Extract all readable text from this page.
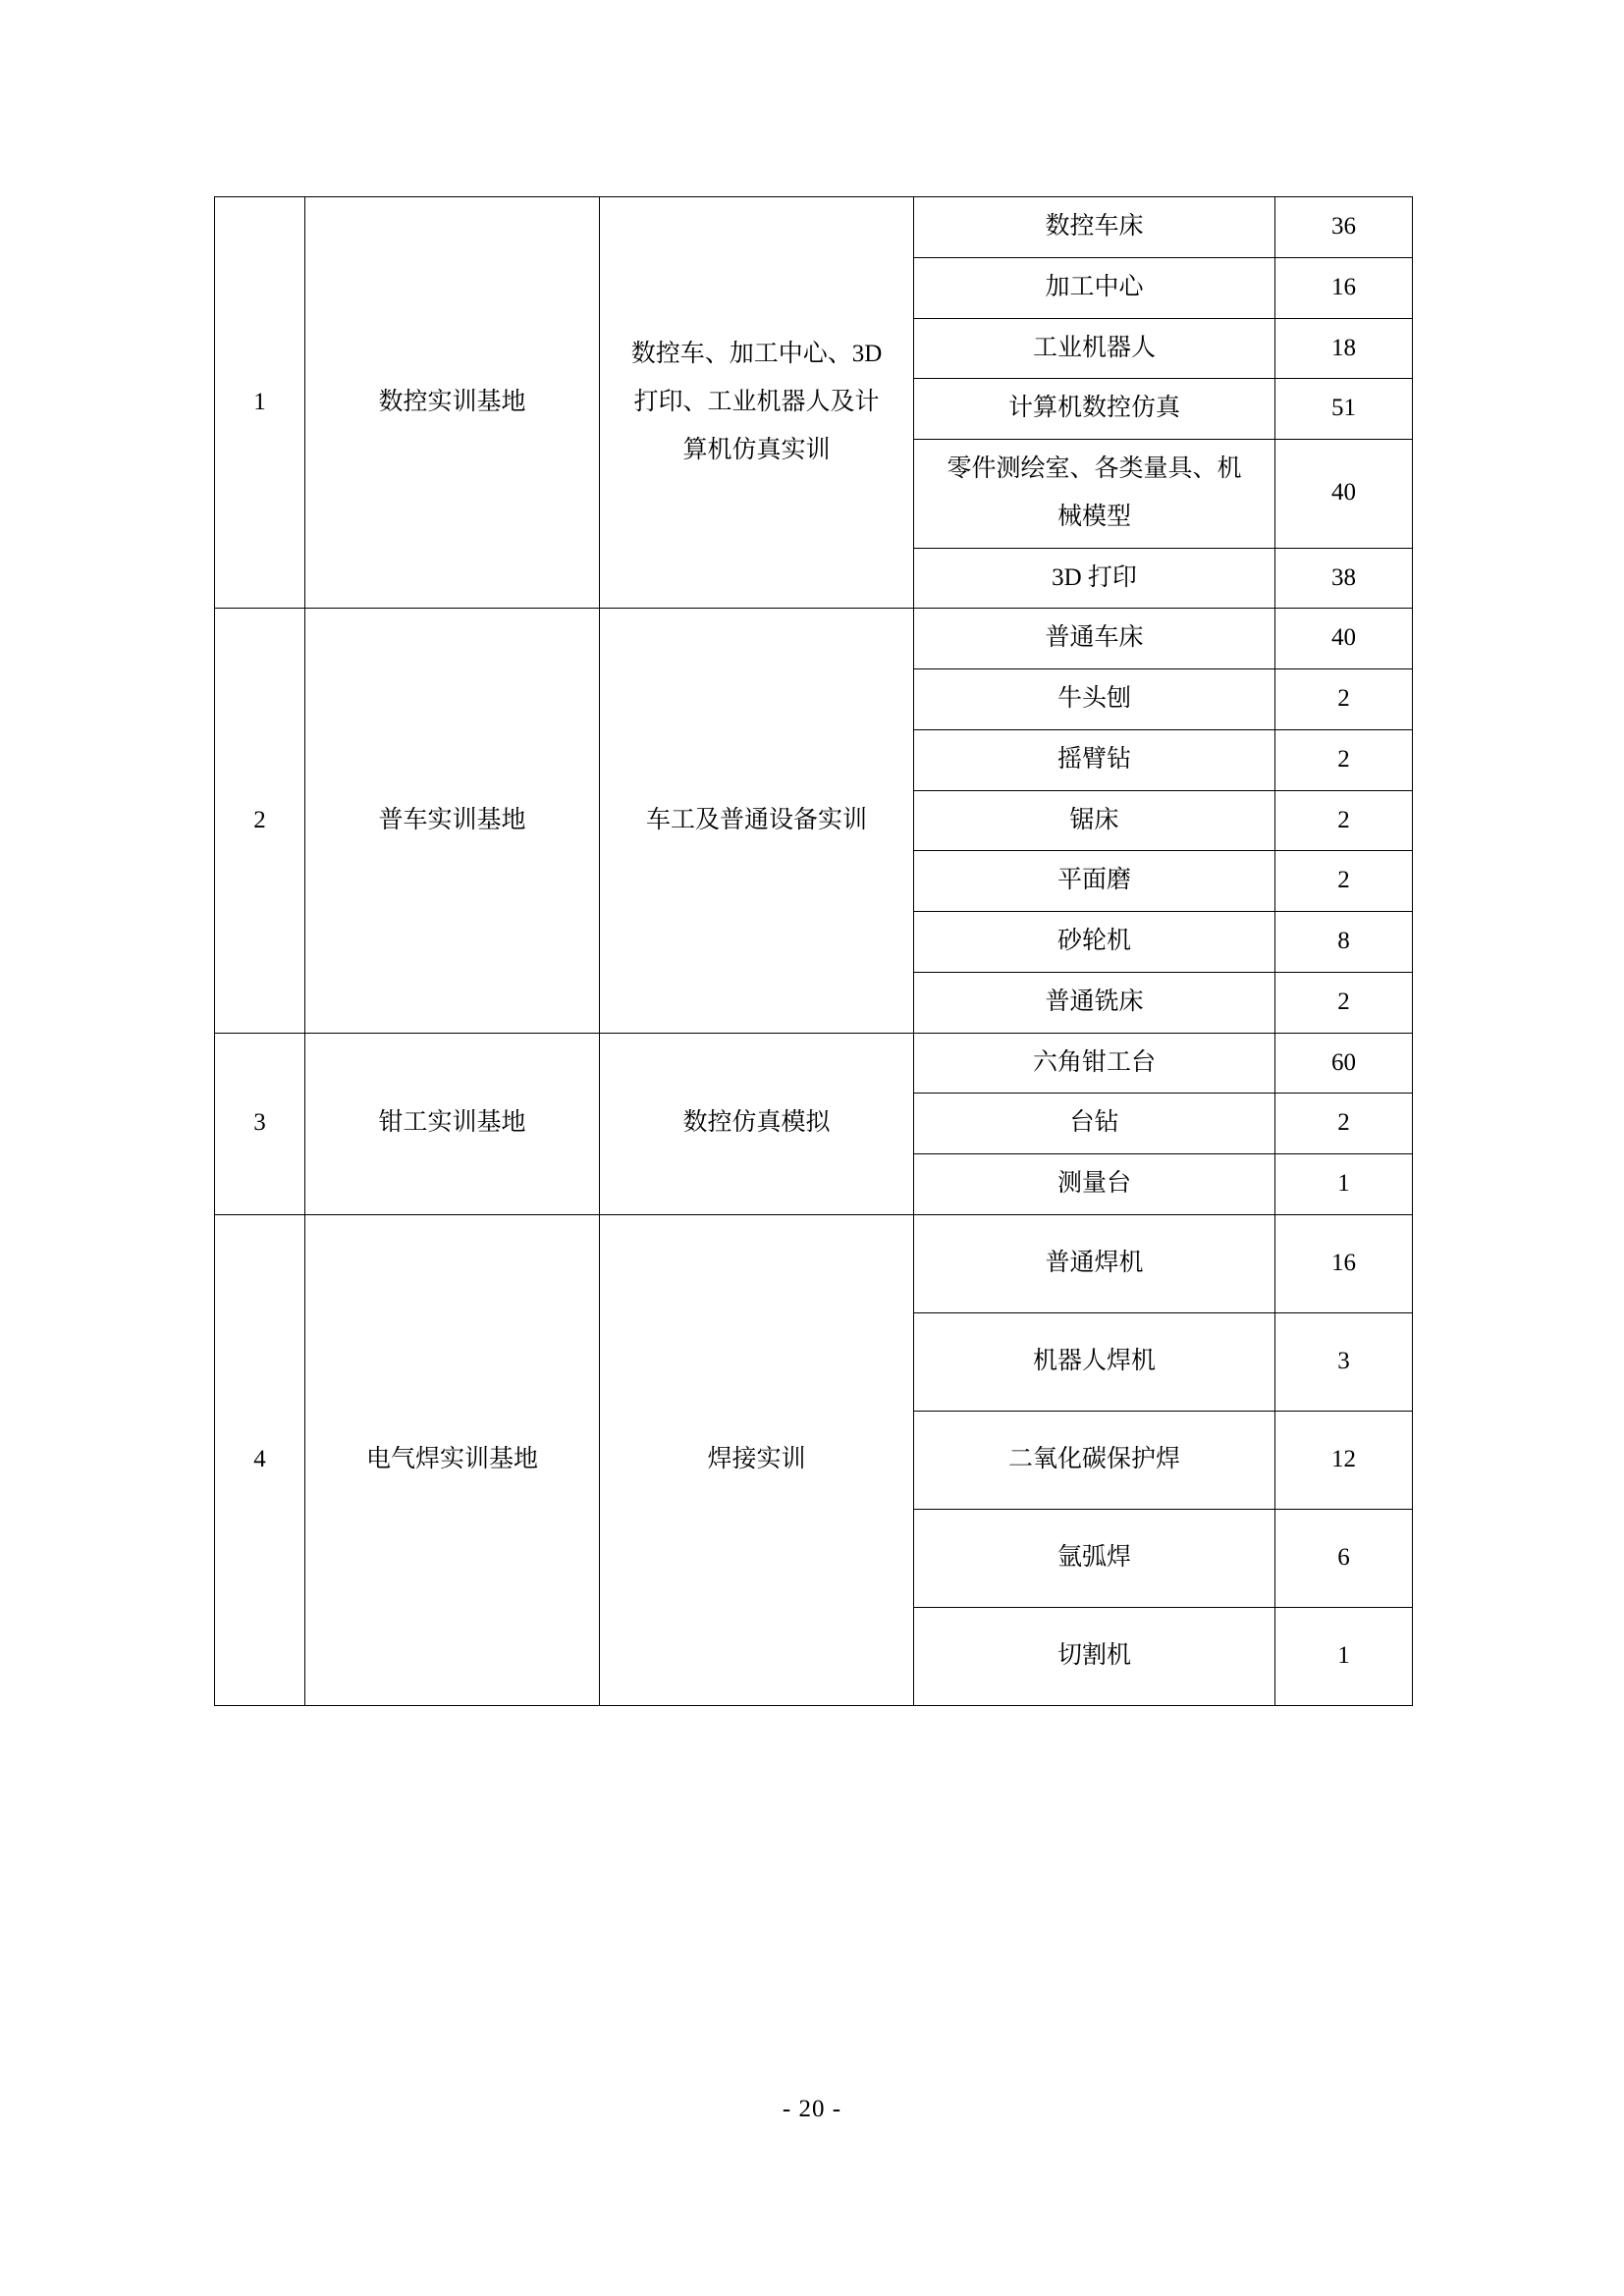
1	数控实训基地	数控车、加工中心、3D
打印、工业机器人及计
算机仿真实训	数控车床	36
			加工中心	16
			工业机器人	18
			计算机数控仿真	51

			零件测绘室、各类量具、机
械模型	40
			3D 打印	38
2	普车实训基地	车工及普通设备实训	普通车床	40
			牛头刨	2
			摇臂钻	2
			锯床	2
			平面磨	2
			砂轮机	8
			普通铣床	2
3	钳工实训基地	数控仿真模拟	六角钳工台	60
			台钻	2
			测量台	1
4	电气焊实训基地	焊接实训	普通焊机	16
			机器人焊机	3
			二氧化碳保护焊	12
			氩弧焊	6
			切割机	1
- 20 -
